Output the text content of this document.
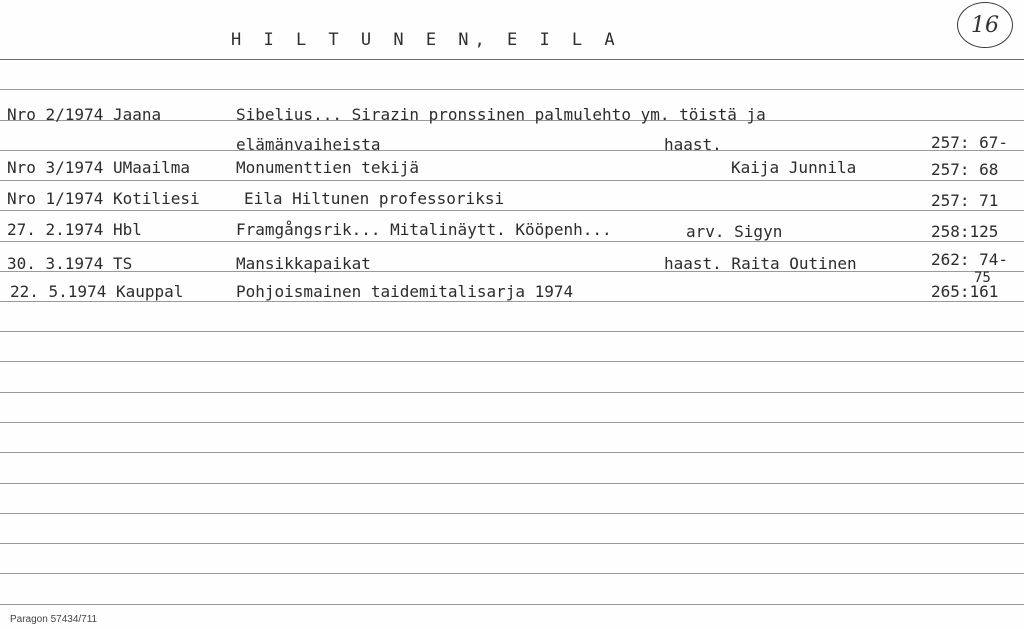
H I L T U N E N, E I L A
16
Nro 2/1974 Jaana	Sibelius... Sirazin pronssinen palmulehto ym. töistä ja
elämänvaiheista	haast.	257: 67-
Nro 3/1974 UMaailma	Monumenttien tekijä	Kaija Junnila	257: 68
Nro 1/1974 Kotiliesi	Eila Hiltunen professoriksi	257: 71
27. 2.1974 Hbl	Framgångsrik... Mitalinäytt. Kööpenh...	arv. Sigyn	258:125
30. 3.1974 TS	Mansikkapaikat	haast. Raita Outinen	262: 74-
75
22. 5.1974 Kauppal	Pohjoismainen taidemitalisarja 1974	265:161
Paragon 57434/711
